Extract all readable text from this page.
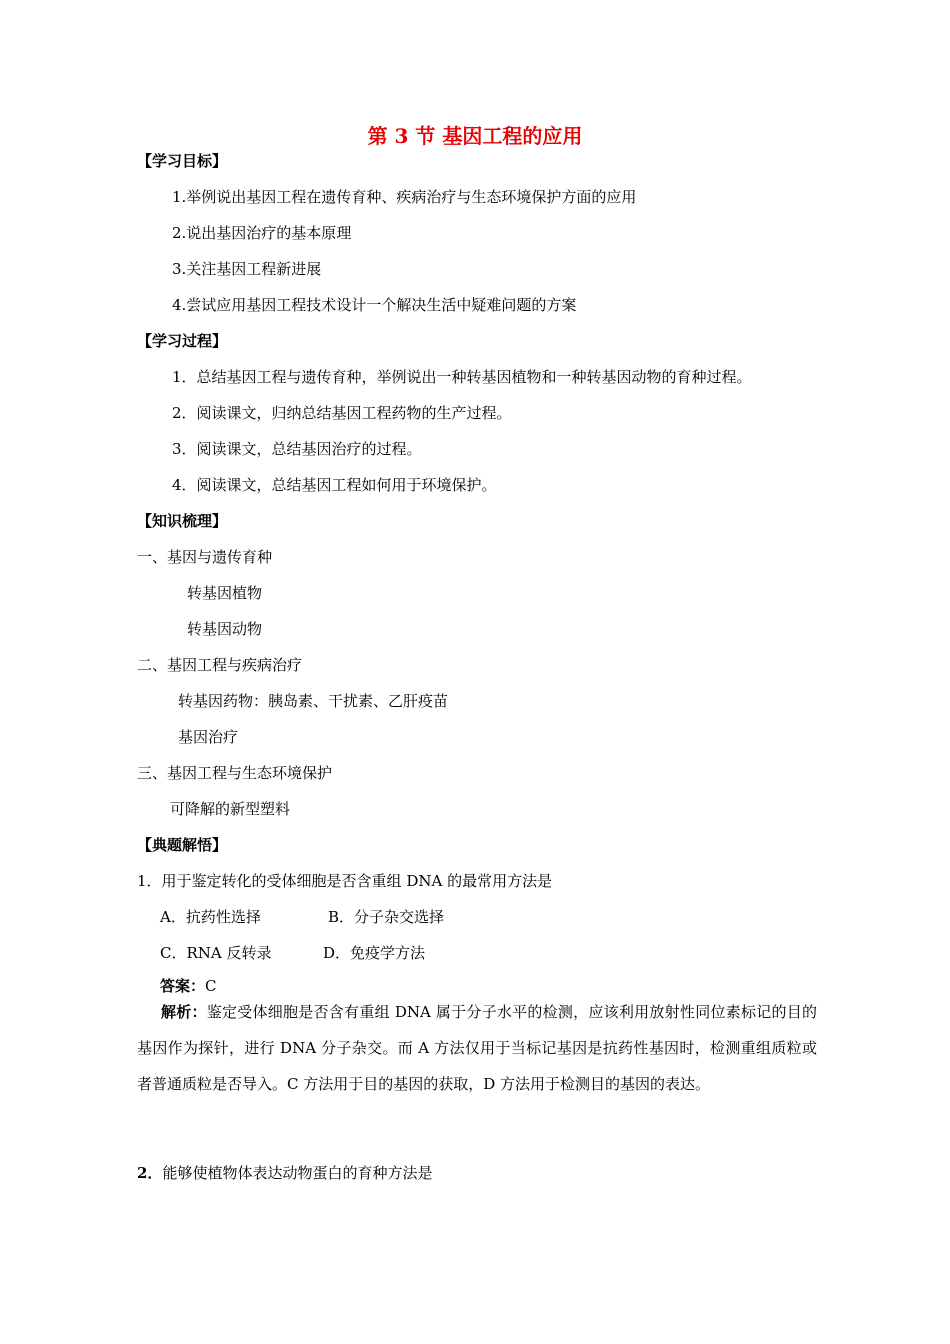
第 3 节 基因工程的应用
【学习目标】
1.举例说出基因工程在遗传育种、疾病治疗与生态环境保护方面的应用
2.说出基因治疗的基本原理
3.关注基因工程新进展
4.尝试应用基因工程技术设计一个解决生活中疑难问题的方案
【学习过程】
1．总结基因工程与遗传育种，举例说出一种转基因植物和一种转基因动物的育种过程。
2．阅读课文，归纳总结基因工程药物的生产过程。
3．阅读课文，总结基因治疗的过程。
4．阅读课文，总结基因工程如何用于环境保护。
【知识梳理】
一、基因与遗传育种
转基因植物
转基因动物
二、基因工程与疾病治疗
转基因药物：胰岛素、干扰素、乙肝疫苗
基因治疗
三、基因工程与生态环境保护
可降解的新型塑料
【典题解悟】
1．用于鉴定转化的受体细胞是否含重组 DNA 的最常用方法是
A．抗药性选择	B．分子杂交选择
C．RNA 反转录	D．免疫学方法
答案：C
解析：鉴定受体细胞是否含有重组 DNA 属于分子水平的检测，应该利用放射性同位素标记的目的基因作为探针，进行 DNA 分子杂交。而 A 方法仅用于当标记基因是抗药性基因时，检测重组质粒或者普通质粒是否导入。C 方法用于目的基因的获取，D 方法用于检测目的基因的表达。
2．能够使植物体表达动物蛋白的育种方法是
